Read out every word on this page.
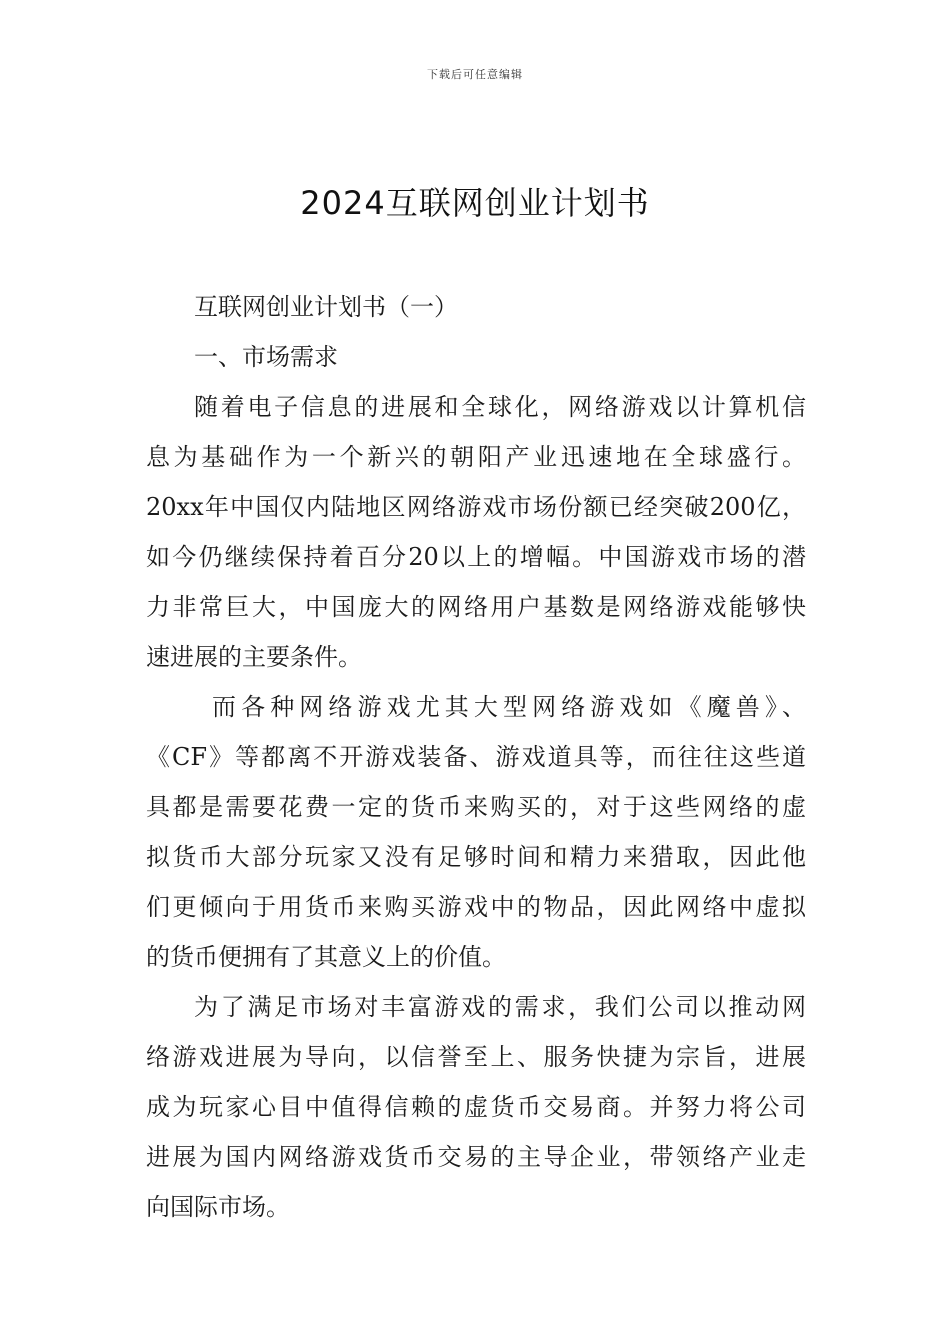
下载后可任意编辑
2024互联网创业计划书
互联网创业计划书（一）
一、市场需求
随着电子信息的进展和全球化，网络游戏以计算机信
息为基础作为一个新兴的朝阳产业迅速地在全球盛行。
20xx年中国仅内陆地区网络游戏市场份额已经突破200亿，
如今仍继续保持着百分20以上的增幅。中国游戏市场的潜
力非常巨大，中国庞大的网络用户基数是网络游戏能够快
速进展的主要条件。
而各种网络游戏尤其大型网络游戏如《魔兽》、
《CF》等都离不开游戏装备、游戏道具等，而往往这些道
具都是需要花费一定的货币来购买的，对于这些网络的虚
拟货币大部分玩家又没有足够时间和精力来猎取，因此他
们更倾向于用货币来购买游戏中的物品，因此网络中虚拟
的货币便拥有了其意义上的价值。
为了满足市场对丰富游戏的需求，我们公司以推动网
络游戏进展为导向，以信誉至上、服务快捷为宗旨，进展
成为玩家心目中值得信赖的虚货币交易商。并努力将公司
进展为国内网络游戏货币交易的主导企业，带领络产业走
向国际市场。
